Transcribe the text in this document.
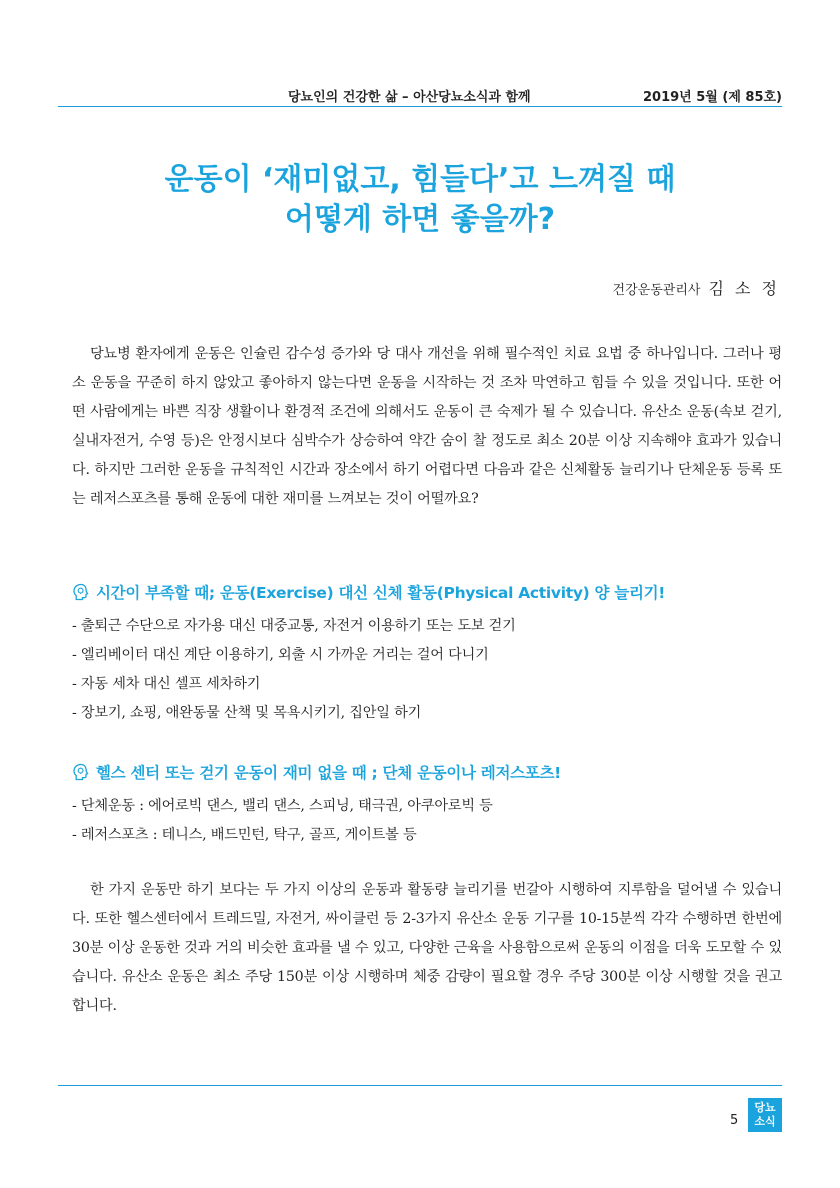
당뇨인의 건강한 삶 – 아산당뇨소식과 함께	2019년 5월 (제 85호)
운동이 ‘재미없고, 힘들다’고 느껴질 때
어떻게 하면 좋을까?
건강운동관리사 김 소 정

당뇨병 환자에게 운동은 인슐린 감수성 증가와 당 대사 개선을 위해 필수적인 치료 요법 중 하나입니다. 그러나 평소 운동을 꾸준히 하지 않았고 좋아하지 않는다면 운동을 시작하는 것 조차 막연하고 힘들 수 있을 것입니다. 또한 어떤 사람에게는 바쁜 직장 생활이나 환경적 조건에 의해서도 운동이 큰 숙제가 될 수 있습니다. 유산소 운동(속보 걷기, 실내자전거, 수영 등)은 안정시보다 심박수가 상승하여 약간 숨이 찰 정도로 최소 20분 이상 지속해야 효과가 있습니다. 하지만 그러한 운동을 규칙적인 시간과 장소에서 하기 어렵다면 다음과 같은 신체활동 늘리기나 단체운동 등록 또는 레저스포츠를 통해 운동에 대한 재미를 느껴보는 것이 어떨까요?

시간이 부족할 때; 운동(Exercise) 대신 신체 활동(Physical Activity) 양 늘리기!
- 출퇴근 수단으로 자가용 대신 대중교통, 자전거 이용하기 또는 도보 걷기
- 엘리베이터 대신 계단 이용하기, 외출 시 가까운 거리는 걸어 다니기
- 자동 세차 대신 셀프 세차하기
- 장보기, 쇼핑, 애완동물 산책 및 목욕시키기, 집안일 하기
헬스 센터 또는 걷기 운동이 재미 없을 때 ; 단체 운동이나 레저스포츠!
- 단체운동 : 에어로빅 댄스, 밸리 댄스, 스피닝, 태극권, 아쿠아로빅 등
- 레저스포츠 : 테니스, 배드민턴, 탁구, 골프, 게이트볼 등

한 가지 운동만 하기 보다는 두 가지 이상의 운동과 활동량 늘리기를 번갈아 시행하여 지루함을 덜어낼 수 있습니다. 또한 헬스센터에서 트레드밀, 자전거, 싸이클런 등 2-3가지 유산소 운동 기구를 10-15분씩 각각 수행하면 한번에 30분 이상 운동한 것과 거의 비슷한 효과를 낼 수 있고, 다양한 근육을 사용함으로써 운동의 이점을 더욱 도모할 수 있습니다. 유산소 운동은 최소 주당 150분 이상 시행하며 체중 감량이 필요할 경우 주당 300분 이상 시행할 것을 권고합니다.

5
당뇨
소식
